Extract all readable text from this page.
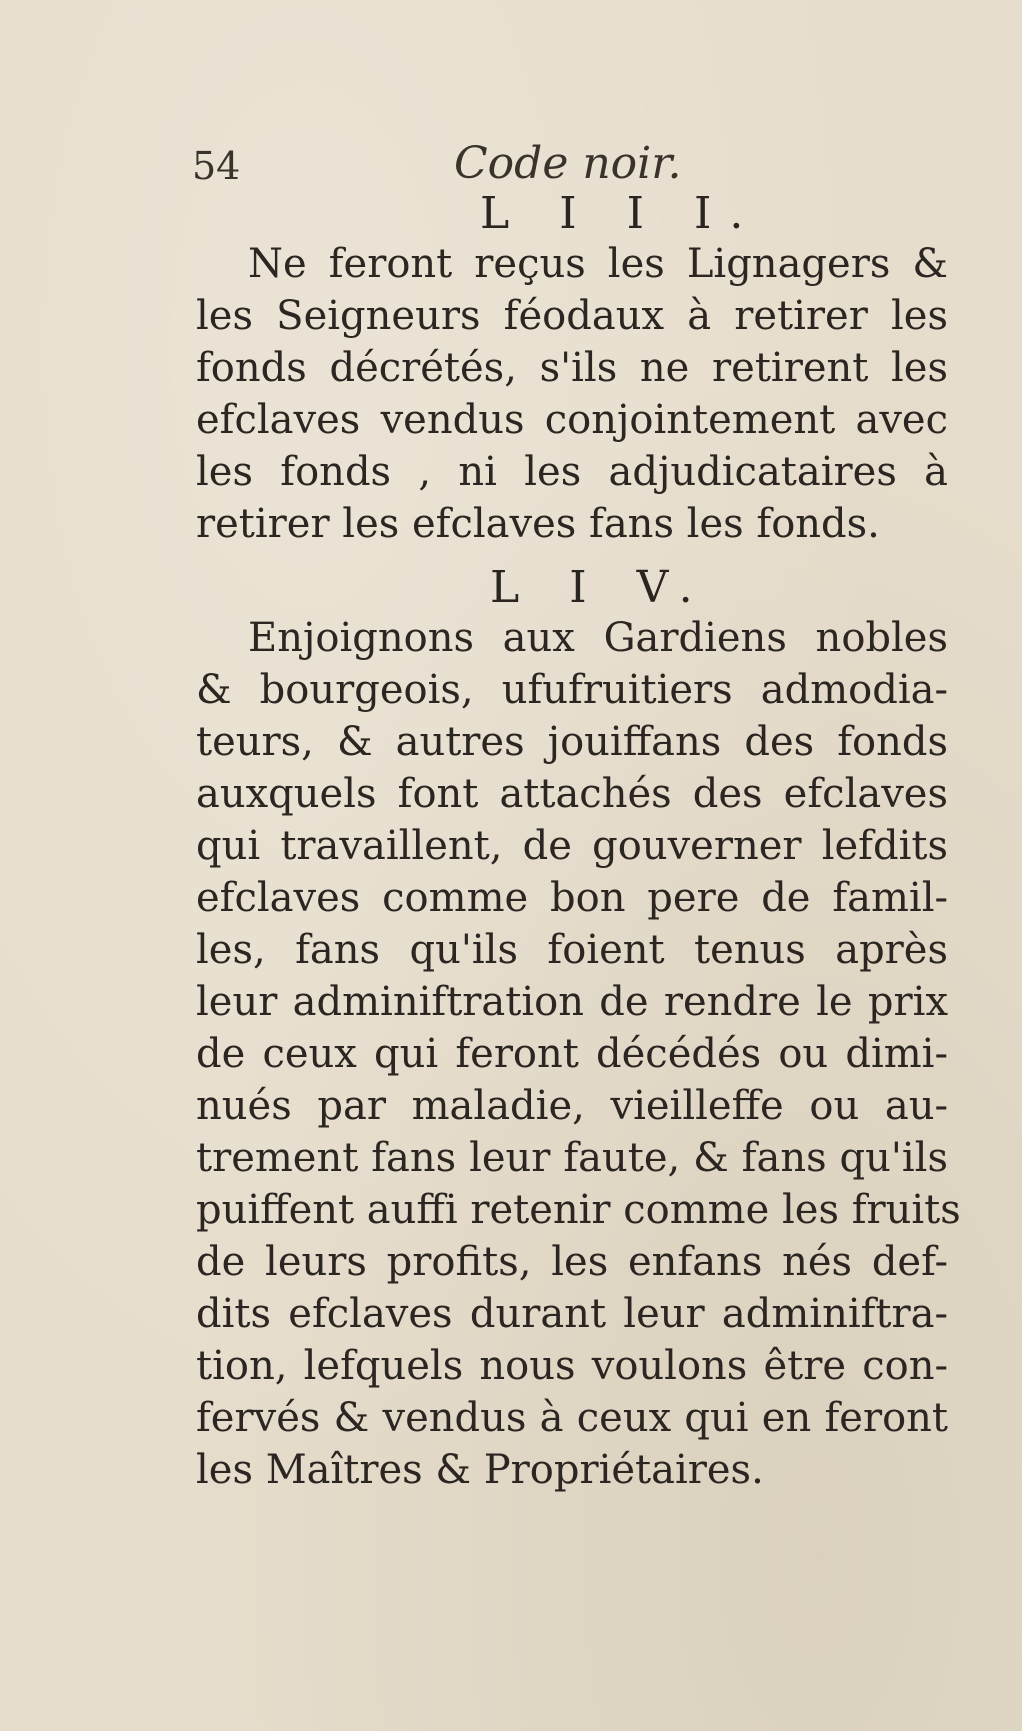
54	Code noir.
L I I I.
Ne feront reçus les Lignagers &
les Seigneurs féodaux à retirer les
fonds décrétés, s'ils ne retirent les
efclaves vendus conjointement avec
les fonds , ni les adjudicataires à
retirer les efclaves fans les fonds.
L I V.
Enjoignons aux Gardiens nobles
& bourgeois, ufufruitiers admodia-
teurs, & autres jouiffans des fonds
auxquels font attachés des efclaves
qui travaillent, de gouverner lefdits
efclaves comme bon pere de famil-
les, fans qu'ils foient tenus après
leur adminiftration de rendre le prix
de ceux qui feront décédés ou dimi-
nués par maladie, vieilleffe ou au-
trement fans leur faute, & fans qu'ils
puiffent auffi retenir comme les fruits
de leurs profits, les enfans nés def-
dits efclaves durant leur adminiftra-
tion, lefquels nous voulons être con-
fervés & vendus à ceux qui en feront
les Maîtres & Propriétaires.
